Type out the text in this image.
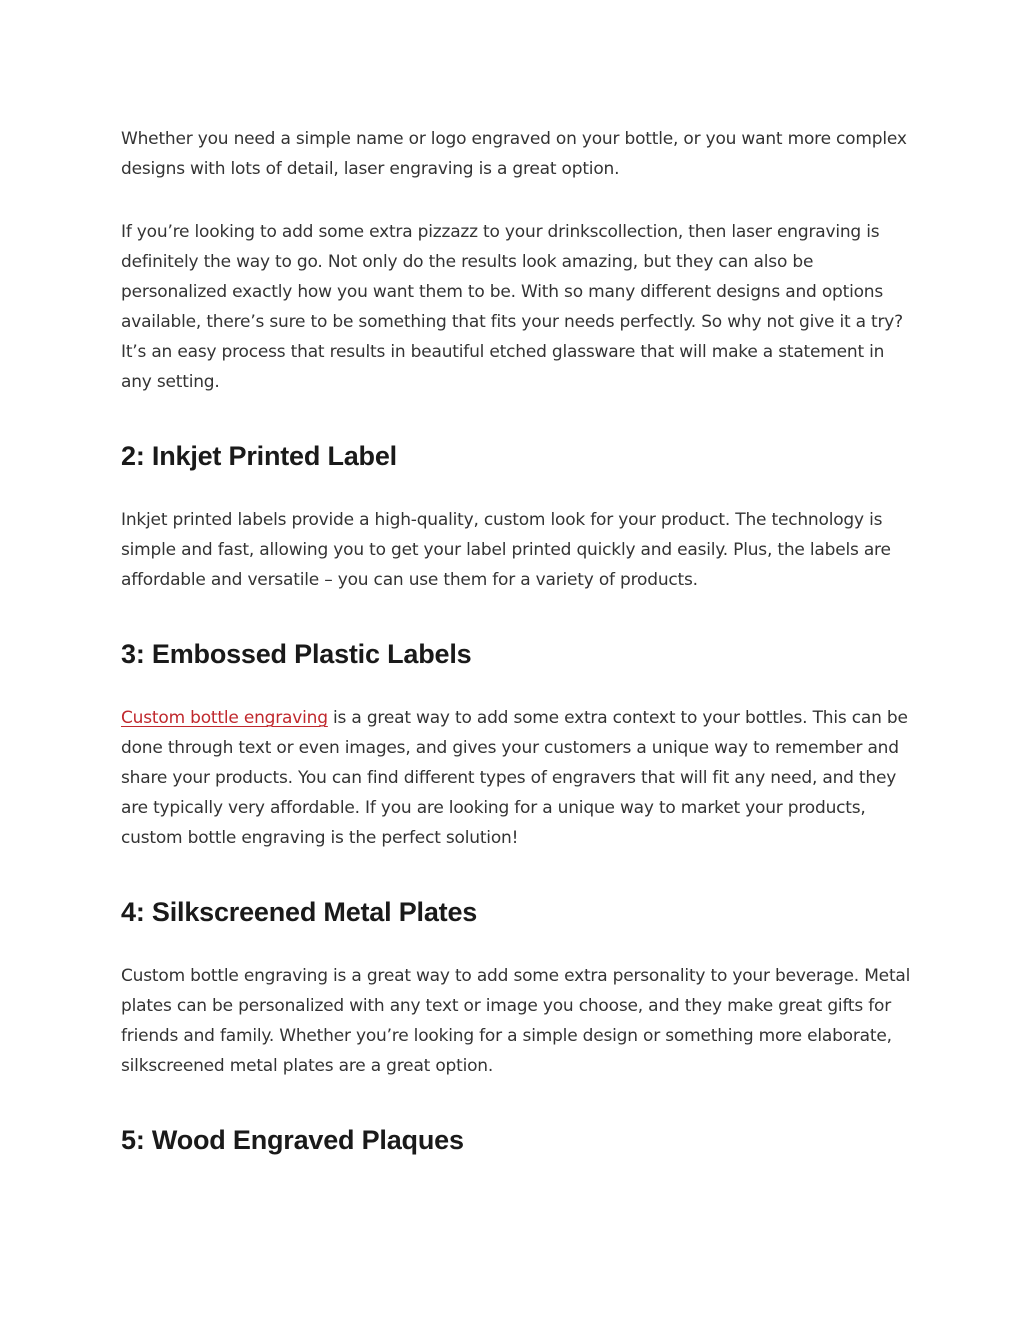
Whether you need a simple name or logo engraved on your bottle, or you want more complex designs with lots of detail, laser engraving is a great option.

If you’re looking to add some extra pizzazz to your drinkscollection, then laser engraving is definitely the way to go. Not only do the results look amazing, but they can also be personalized exactly how you want them to be. With so many different designs and options available, there’s sure to be something that fits your needs perfectly. So why not give it a try? It’s an easy process that results in beautiful etched glassware that will make a statement in any setting.

2: Inkjet Printed Label

Inkjet printed labels provide a high-quality, custom look for your product. The technology is simple and fast, allowing you to get your label printed quickly and easily. Plus, the labels are affordable and versatile – you can use them for a variety of products.

3: Embossed Plastic Labels

Custom bottle engraving is a great way to add some extra context to your bottles. This can be done through text or even images, and gives your customers a unique way to remember and share your products. You can find different types of engravers that will fit any need, and they are typically very affordable. If you are looking for a unique way to market your products, custom bottle engraving is the perfect solution!

4: Silkscreened Metal Plates

Custom bottle engraving is a great way to add some extra personality to your beverage. Metal plates can be personalized with any text or image you choose, and they make great gifts for friends and family. Whether you’re looking for a simple design or something more elaborate, silkscreened metal plates are a great option.

5: Wood Engraved Plaques
